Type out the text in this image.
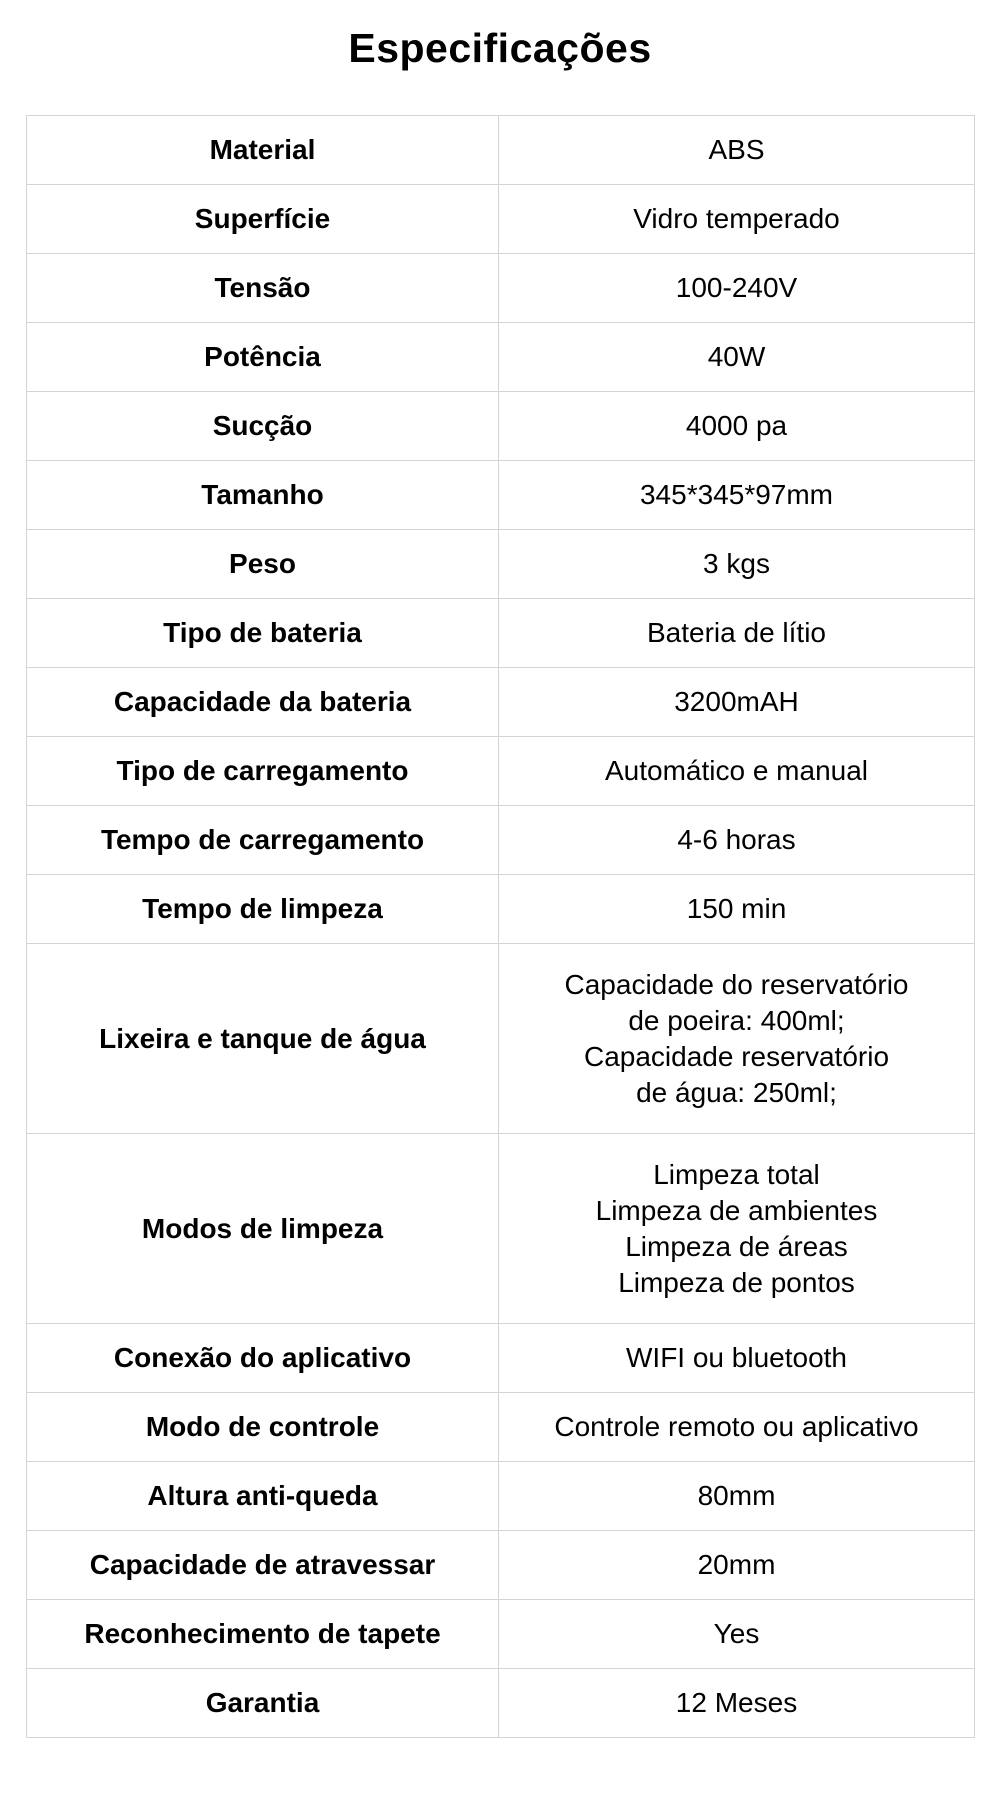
Especificações
Material	ABS

Superfície	Vidro temperado

Tensão	100-240V

Potência	40W

Sucção	4000 pa

Tamanho	345*345*97mm

Peso	3 kgs

Tipo de bateria	Bateria de lítio

Capacidade da bateria	3200mAH

Tipo de carregamento	Automático e manual

Tempo de carregamento	4-6 horas

Tempo de limpeza	150 min

Lixeira e tanque de água	Capacidade do reservatório
de poeira: 400ml;
Capacidade reservatório
de água: 250ml;

Modos de limpeza	Limpeza total
Limpeza de ambientes
Limpeza de áreas
Limpeza de pontos

Conexão do aplicativo	WIFI ou bluetooth

Modo de controle	Controle remoto ou aplicativo

Altura anti-queda	80mm

Capacidade de atravessar	20mm

Reconhecimento de tapete	Yes

Garantia	12 Meses
